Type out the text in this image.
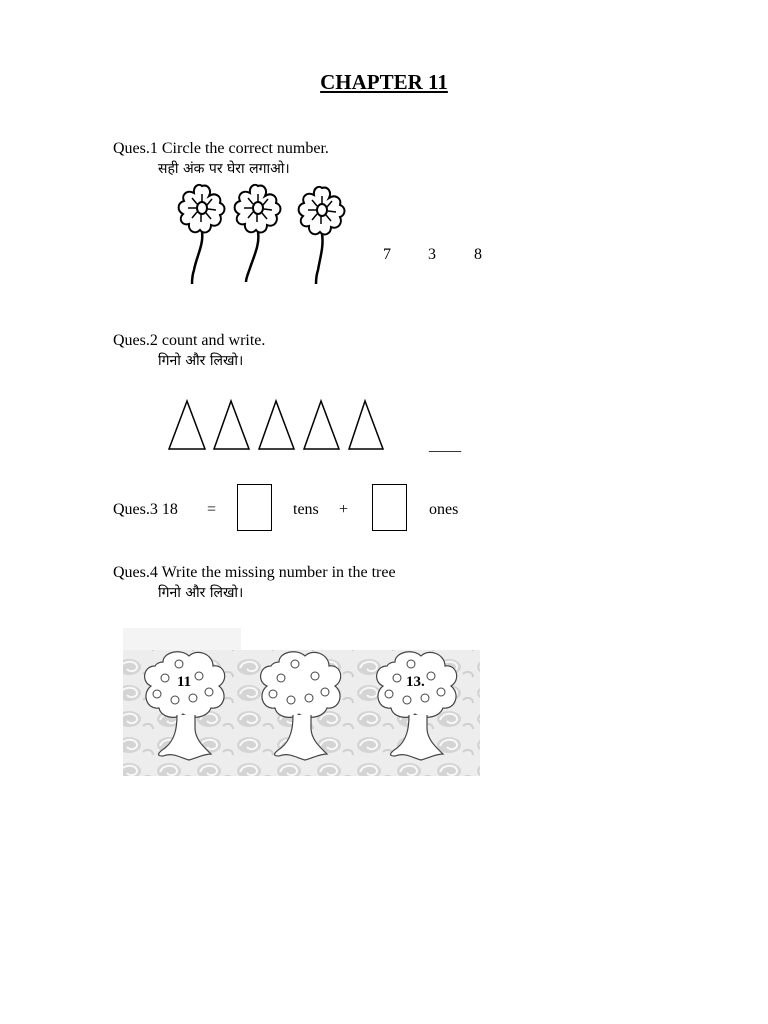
CHAPTER 11
Ques.1 Circle the correct number.
सही अंक पर घेरा लगाओ।
7 3 8
Ques.2 count and write.
गिनो और लिखो।
____
Ques.3 18 =	tens +	ones
Ques.4 Write the missing number in the tree
गिनो और लिखो।
11	13.
